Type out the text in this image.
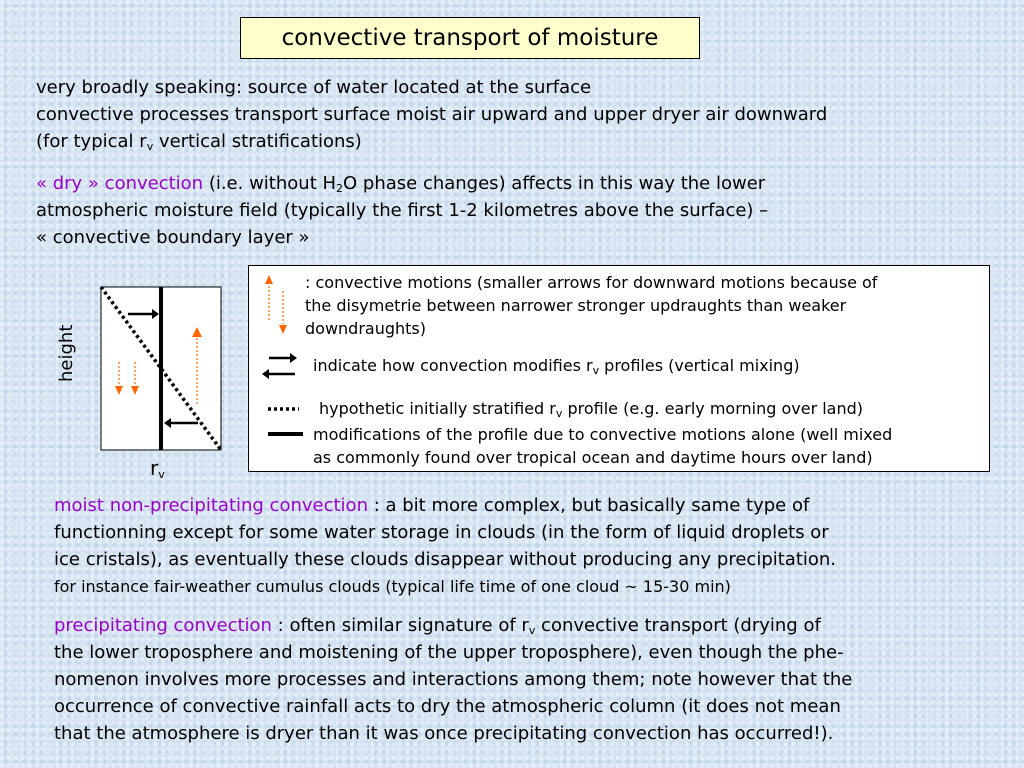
convective transport of moisture

very broadly speaking: source of water located at the surface
convective processes transport surface moist air upward and upper dryer air downward
(for typical $r_v$ vertical stratifications)

« dry » convection (i.e. without $H_2O$ phase changes) affects in this way the lower
atmospheric moisture field (typically the first 1-2 kilometres above the surface) –
« convective boundary layer »

height
$r_v$

: convective motions (smaller arrows for downward motions because of
the disymetrie between narrower stronger updraughts than weaker
downdraughts)

indicate how convection modifies $r_v$ profiles (vertical mixing)

hypothetic initially stratified $r_v$ profile (e.g. early morning over land)

modifications of the profile due to convective motions alone (well mixed
as commonly found over tropical ocean and daytime hours over land)

moist non-precipitating convection : a bit more complex, but basically same type of
functionning except for some water storage in clouds (in the form of liquid droplets or
ice cristals), as eventually these clouds disappear without producing any precipitation.
for instance fair-weather cumulus clouds (typical life time of one cloud ~ 15-30 min)

precipitating convection : often similar signature of $r_v$ convective transport (drying of
the lower troposphere and moistening of the upper troposphere), even though the phe-
nomenon involves more processes and interactions among them; note however that the
occurrence of convective rainfall acts to dry the atmospheric column (it does not mean
that the atmosphere is dryer than it was once precipitating convection has occurred!).
